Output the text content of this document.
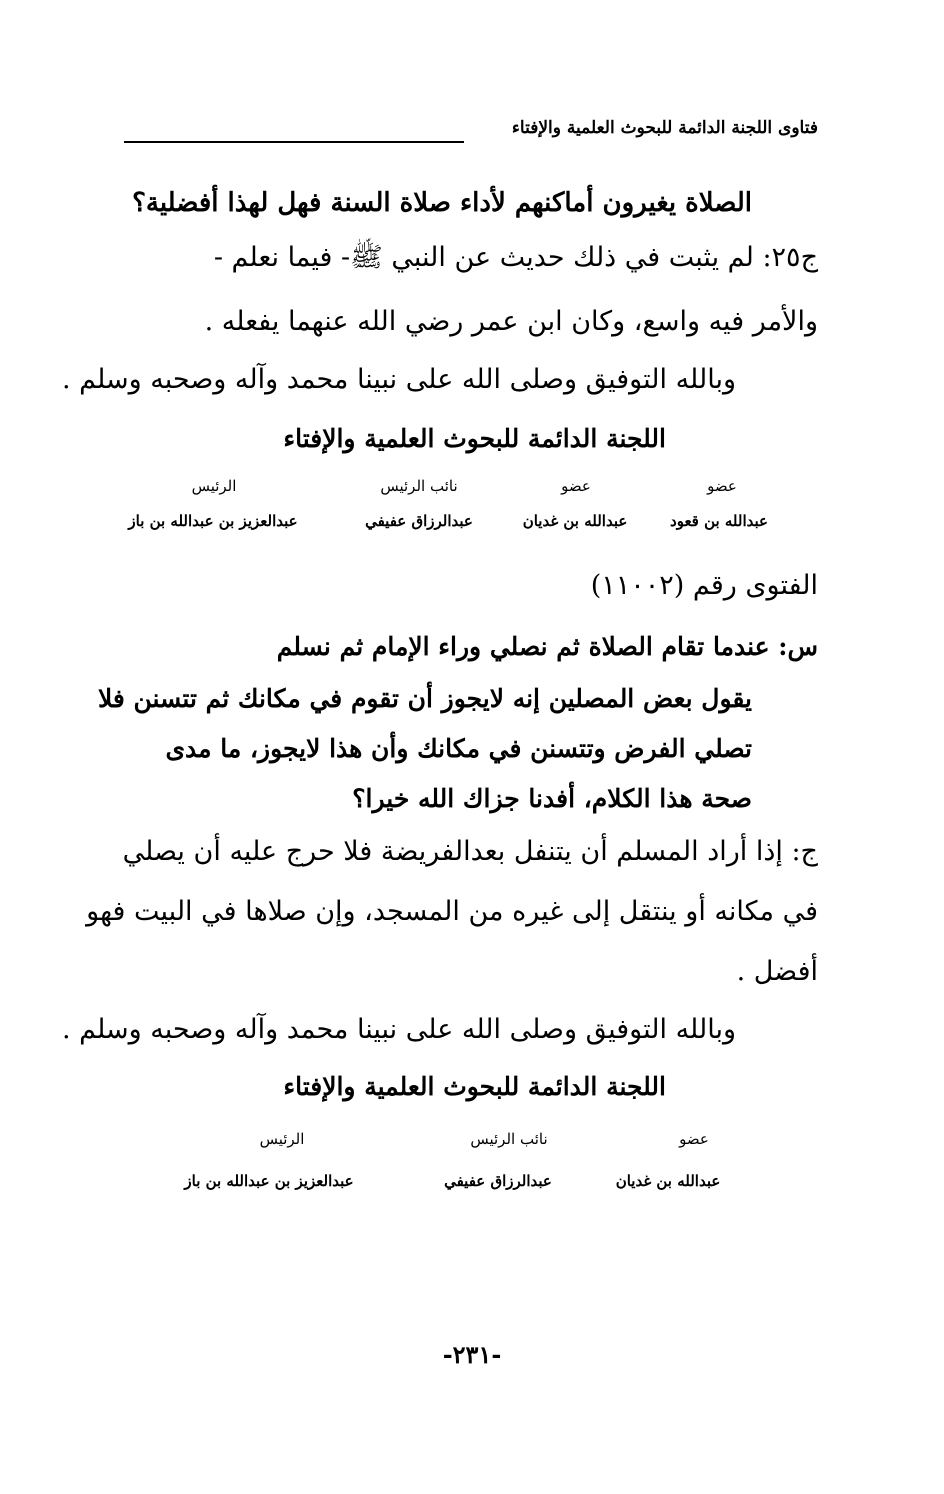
فتاوى اللجنة الدائمة للبحوث العلمية والإفتاء
الصلاة يغيرون أماكنهم لأداء صلاة السنة فهل لهذا أفضلية؟
ج٢٥: لم يثبت في ذلك حديث عن النبي ﷺ- فيما نعلم -
والأمر فيه واسع، وكان ابن عمر رضي الله عنهما يفعله .
وبالله التوفيق وصلى الله على نبينا محمد وآله وصحبه وسلم .
اللجنة الدائمة للبحوث العلمية والإفتاء
عضو
عضو
نائب الرئيس
الرئيس
عبدالله بن قعود
عبدالله بن غديان
عبدالرزاق عفيفي
عبدالعزيز بن عبدالله بن باز
الفتوى رقم (١١٠٠٢)
س: عندما تقام الصلاة ثم نصلي وراء الإمام ثم نسلم
يقول بعض المصلين إنه لايجوز أن تقوم في مكانك ثم تتسنن فلا
تصلي الفرض وتتسنن في مكانك وأن هذا لايجوز، ما مدى
صحة هذا الكلام، أفدنا جزاك الله خيرا؟
ج: إذا أراد المسلم أن يتنفل بعدالفريضة فلا حرج عليه أن يصلي
في مكانه أو ينتقل إلى غيره من المسجد، وإن صلاها في البيت فهو
أفضل .
وبالله التوفيق وصلى الله على نبينا محمد وآله وصحبه وسلم .
اللجنة الدائمة للبحوث العلمية والإفتاء
عضو
نائب الرئيس
الرئيس
عبدالله بن غديان
عبدالرزاق عفيفي
عبدالعزيز بن عبدالله بن باز
-٢٣١-
